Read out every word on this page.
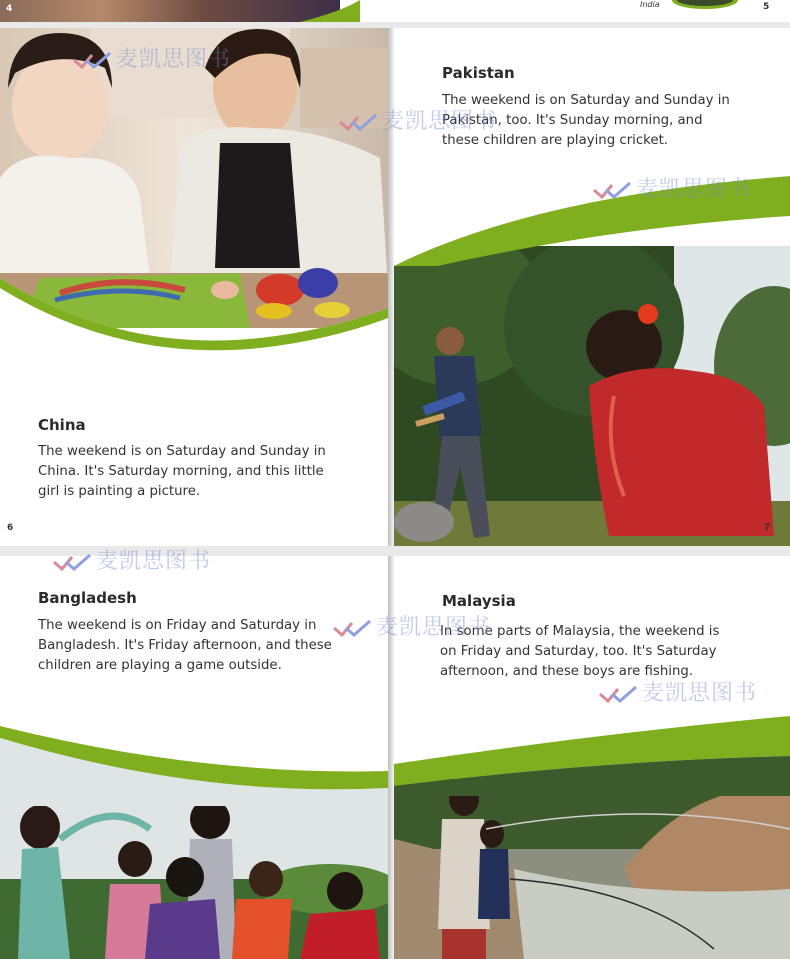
4	India	5
China
The weekend is on Saturday and Sunday in China. It's Saturday morning, and this little girl is painting a picture.
6
Pakistan
The weekend is on Saturday and Sunday in Pakistan, too. It's Sunday morning, and these children are playing cricket.
7
Bangladesh
The weekend is on Friday and Saturday in Bangladesh. It's Friday afternoon, and these children are playing a game outside.
Malaysia
In some parts of Malaysia, the weekend is on Friday and Saturday, too. It's Saturday afternoon, and these boys are fishing.
麦凯思图书
麦凯思图书
麦凯思图书
麦凯思图书
麦凯思图书
麦凯思图书
